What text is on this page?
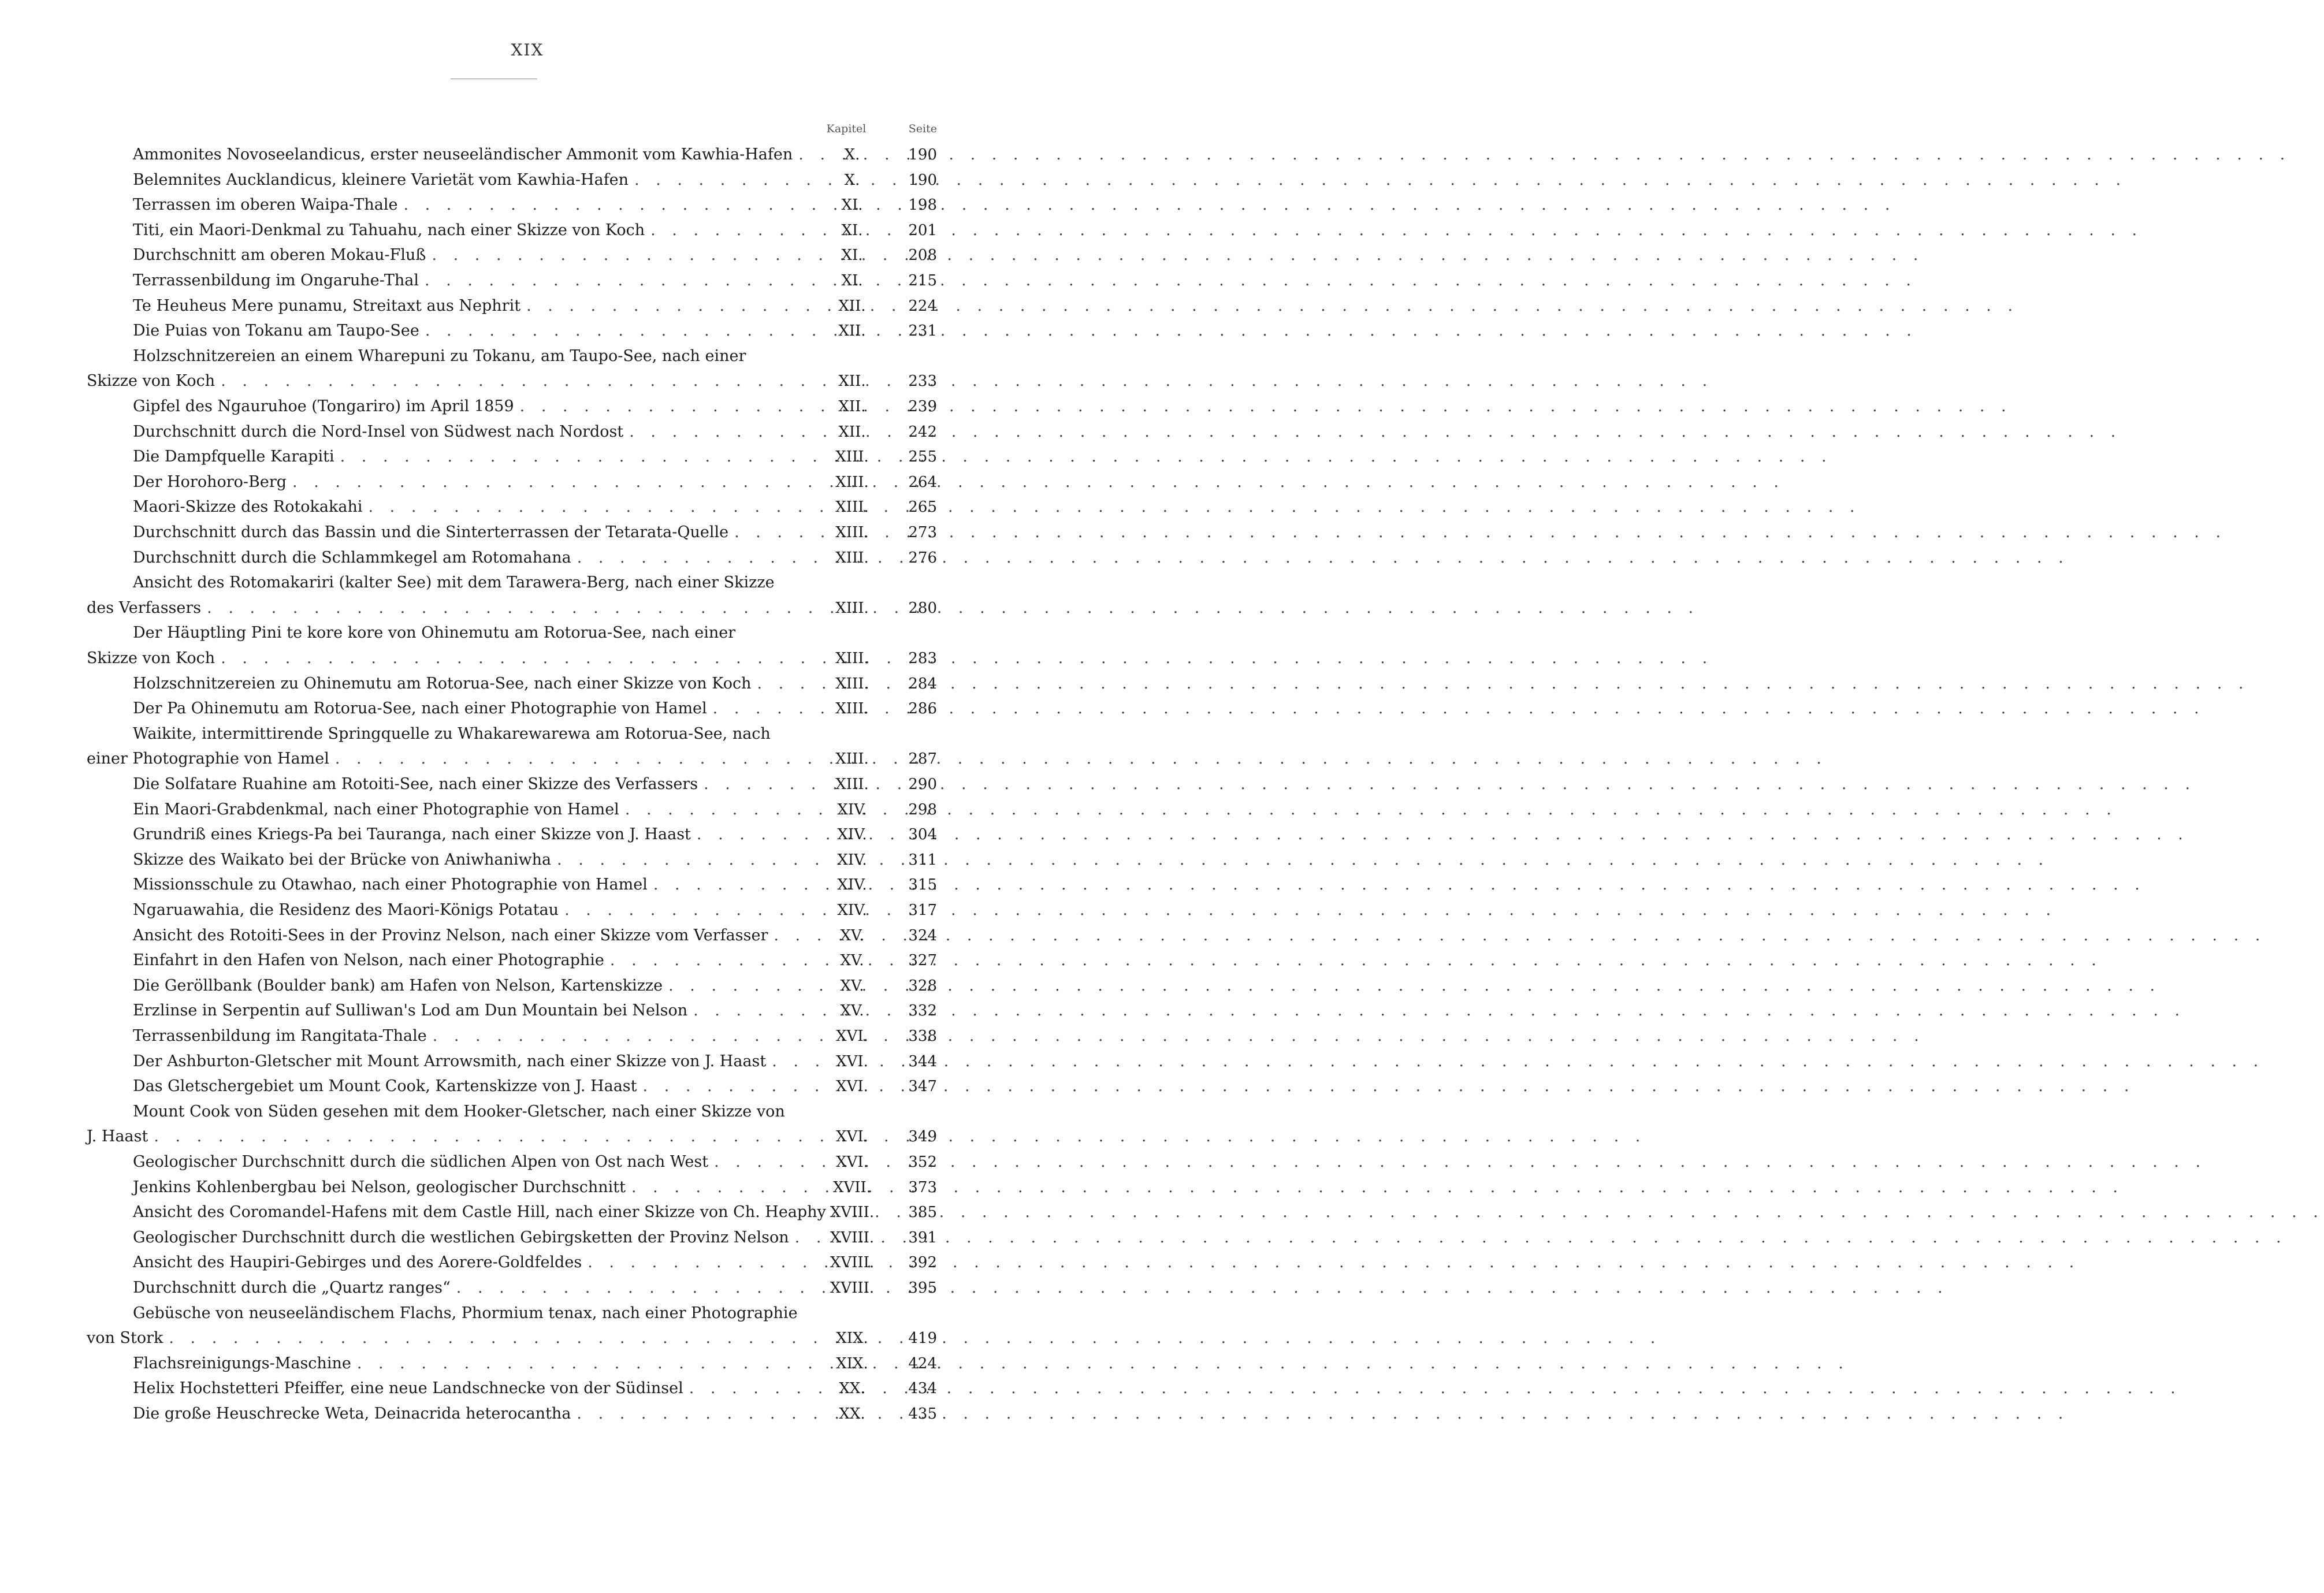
XIX
Kapitel	Seite
Ammonites Novoseelandicus, erster neuseeländischer Ammonit vom Kawhia-Hafen . . .	X.	190
Belemnites Aucklandicus, kleinere Varietät vom Kawhia-Hafen . . .	X.	190
Terrassen im oberen Waipa-Thale . . .	XI.	198
Titi, ein Maori-Denkmal zu Tahuahu, nach einer Skizze von Koch . . .	XI.	201
Durchschnitt am oberen Mokau-Fluß . . .	XI.	208
Terrassenbildung im Ongaruhe-Thal . . .	XI.	215
Te Heuheus Mere punamu, Streitaxt aus Nephrit . . .	XII.	224
Die Puias von Tokanu am Taupo-See . . .	XII.	231
Holzschnitzereien an einem Wharepuni zu Tokanu, am Taupo-See, nach einer
Skizze von Koch . . .	XII.	233
Gipfel des Ngauruhoe (Tongariro) im April 1859 . . .	XII.	239
Durchschnitt durch die Nord-Insel von Südwest nach Nordost . . .	XII.	242
Die Dampfquelle Karapiti . . .	XIII.	255
Der Horohoro-Berg . . .	XIII.	264
Maori-Skizze des Rotokakahi . . .	XIII.	265
Durchschnitt durch das Bassin und die Sinterterrassen der Tetarata-Quelle . . .	XIII.	273
Durchschnitt durch die Schlammkegel am Rotomahana . . .	XIII.	276
Ansicht des Rotomakariri (kalter See) mit dem Tarawera-Berg, nach einer Skizze
des Verfassers . . .	XIII.	280
Der Häuptling Pini te kore kore von Ohinemutu am Rotorua-See, nach einer
Skizze von Koch . . .	XIII.	283
Holzschnitzereien zu Ohinemutu am Rotorua-See, nach einer Skizze von Koch . . .	XIII.	284
Der Pa Ohinemutu am Rotorua-See, nach einer Photographie von Hamel . . .	XIII.	286
Waikite, intermittirende Springquelle zu Whakarewarewa am Rotorua-See, nach
einer Photographie von Hamel . . .	XIII.	287
Die Solfatare Ruahine am Rotoiti-See, nach einer Skizze des Verfassers . . .	XIII.	290
Ein Maori-Grabdenkmal, nach einer Photographie von Hamel . . .	XIV.	298
Grundriß eines Kriegs-Pa bei Tauranga, nach einer Skizze von J. Haast . . .	XIV.	304
Skizze des Waikato bei der Brücke von Aniwhaniwha . . .	XIV.	311
Missionsschule zu Otawhao, nach einer Photographie von Hamel . . .	XIV.	315
Ngaruawahia, die Residenz des Maori-Königs Potatau . . .	XIV.	317
Ansicht des Rotoiti-Sees in der Provinz Nelson, nach einer Skizze vom Verfasser . . .	XV.	324
Einfahrt in den Hafen von Nelson, nach einer Photographie . . .	XV.	327
Die Geröllbank (Boulder bank) am Hafen von Nelson, Kartenskizze . . .	XV.	328
Erzlinse in Serpentin auf Sulliwan's Lod am Dun Mountain bei Nelson . . .	XV.	332
Terrassenbildung im Rangitata-Thale . . .	XVI.	338
Der Ashburton-Gletscher mit Mount Arrowsmith, nach einer Skizze von J. Haast . . .	XVI.	344
Das Gletschergebiet um Mount Cook, Kartenskizze von J. Haast . . .	XVI.	347
Mount Cook von Süden gesehen mit dem Hooker-Gletscher, nach einer Skizze von
J. Haast . . .	XVI.	349
Geologischer Durchschnitt durch die südlichen Alpen von Ost nach West . . .	XVI.	352
Jenkins Kohlenbergbau bei Nelson, geologischer Durchschnitt . . .	XVII.	373
Ansicht des Coromandel-Hafens mit dem Castle Hill, nach einer Skizze von Ch. Heaphy . . . XVIII.	385
Geologischer Durchschnitt durch die westlichen Gebirgsketten der Provinz Nelson . . .	XVIII.	391
Ansicht des Haupiri-Gebirges und des Aorere-Goldfeldes . . .	XVIII.	392
Durchschnitt durch die „Quartz ranges“ . . .	XVIII.	395
Gebüsche von neuseeländischem Flachs, Phormium tenax, nach einer Photographie
von Stork . . .	XIX.	419
Flachsreinigungs-Maschine . . .	XIX.	424
Helix Hochstetteri Pfeiffer, eine neue Landschnecke von der Südinsel . . .	XX.	434
Die große Heuschrecke Weta, Deinacrida heterocantha . . .	XX.	435
